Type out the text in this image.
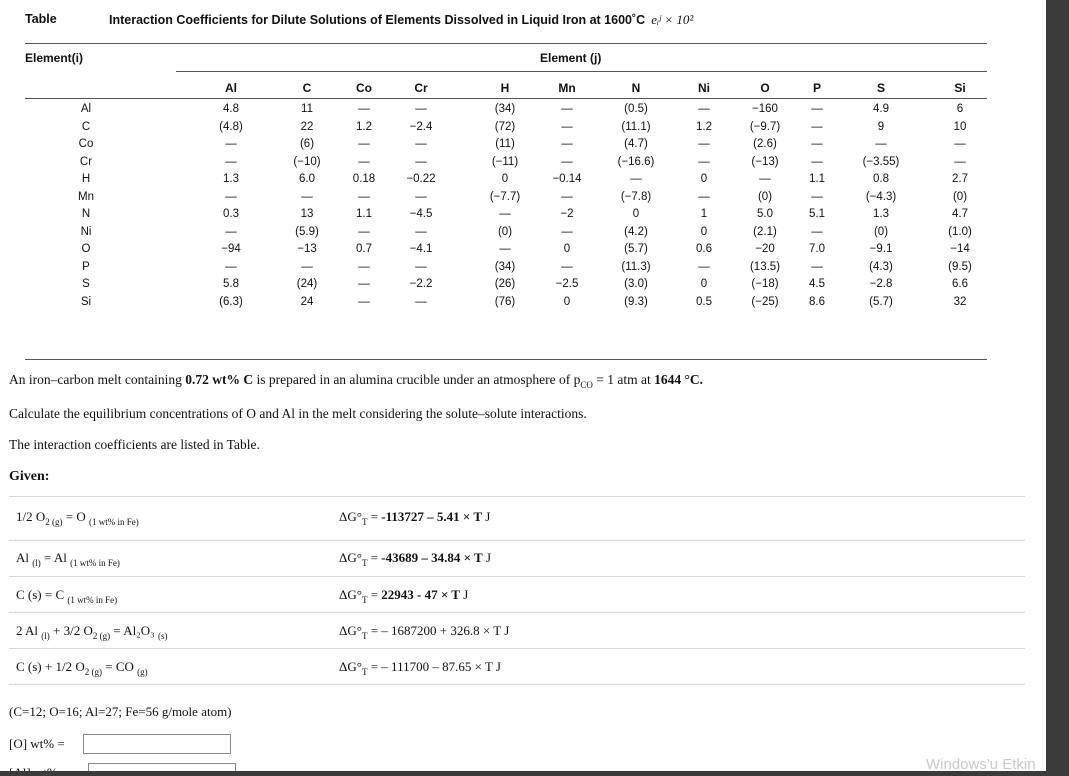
Table	Interaction Coefficients for Dilute Solutions of Elements Dissolved in Liquid Iron at 1600˚C eᵢʲ × 10²
Element(i)	Element (j)
Al	C	Co	Cr	H	Mn	N	Ni	O	P	S	Si
Al	4.8	11	—	—	(34)	—	(0.5)	—	−160	—	4.9	6
C	(4.8)	22	1.2	−2.4	(72)	—	(11.1)	1.2	(−9.7)	—	9	10
Co	—	(6)	—	—	(11)	—	(4.7)	—	(2.6)	—	—	—
Cr	—	(−10)	—	—	(−11)	—	(−16.6)	—	(−13)	—	(−3.55)	—
H	1.3	6.0	0.18	−0.22	0	−0.14	—	0	—	1.1	0.8	2.7
Mn	—	—	—	—	(−7.7)	—	(−7.8)	—	(0)	—	(−4.3)	(0)
N	0.3	13	1.1	−4.5	—	−2	0	1	5.0	5.1	1.3	4.7
Ni	—	(5.9)	—	—	(0)	—	(4.2)	0	(2.1)	—	(0)	(1.0)
O	−94	−13	0.7	−4.1	—	0	(5.7)	0.6	−20	7.0	−9.1	−14
P	—	—	—	—	(34)	—	(11.3)	—	(13.5)	—	(4.3)	(9.5)
S	5.8	(24)	—	−2.2	(26)	−2.5	(3.0)	0	(−18)	4.5	−2.8	6.6
Si	(6.3)	24	—	—	(76)	0	(9.3)	0.5	(−25)	8.6	(5.7)	32
An iron–carbon melt containing 0.72 wt% C is prepared in an alumina crucible under an atmosphere of $p_{CO} = 1$ atm at 1644 °C.
Calculate the equilibrium concentrations of O and Al in the melt considering the solute–solute interactions.
The interaction coefficients are listed in Table.
Given:
1/2 $O_{2 (g)} = O$ $_{(1 wt\% in Fe)}$	$\Delta G^\circ_T = -113727 - 5.41 \times T$ J
Al $_{(l)}$ = Al $_{(1 wt\% in Fe)}$	$\Delta G^\circ_T = -43689 - 34.84 \times T$ J
C (s) = C $_{(1 wt\% in Fe)}$	$\Delta G^\circ_T = 22943 - 47 \times T$ J
2 Al $_{(l)}$ + 3/2 $O_{2 (g)} = Al_2O_3$ $_{(s)}$	$\Delta G^\circ_T$ = – 1687200 + 326.8 × T J
C (s) + 1/2 $O_{2 (g)}$ = CO $_{(g)}$	$\Delta G^\circ_T$ = – 111700 – 87.65 × T J
(C=12; O=16; Al=27; Fe=56 g/mole atom)
[O] wt% =
Windows'u Etkin
